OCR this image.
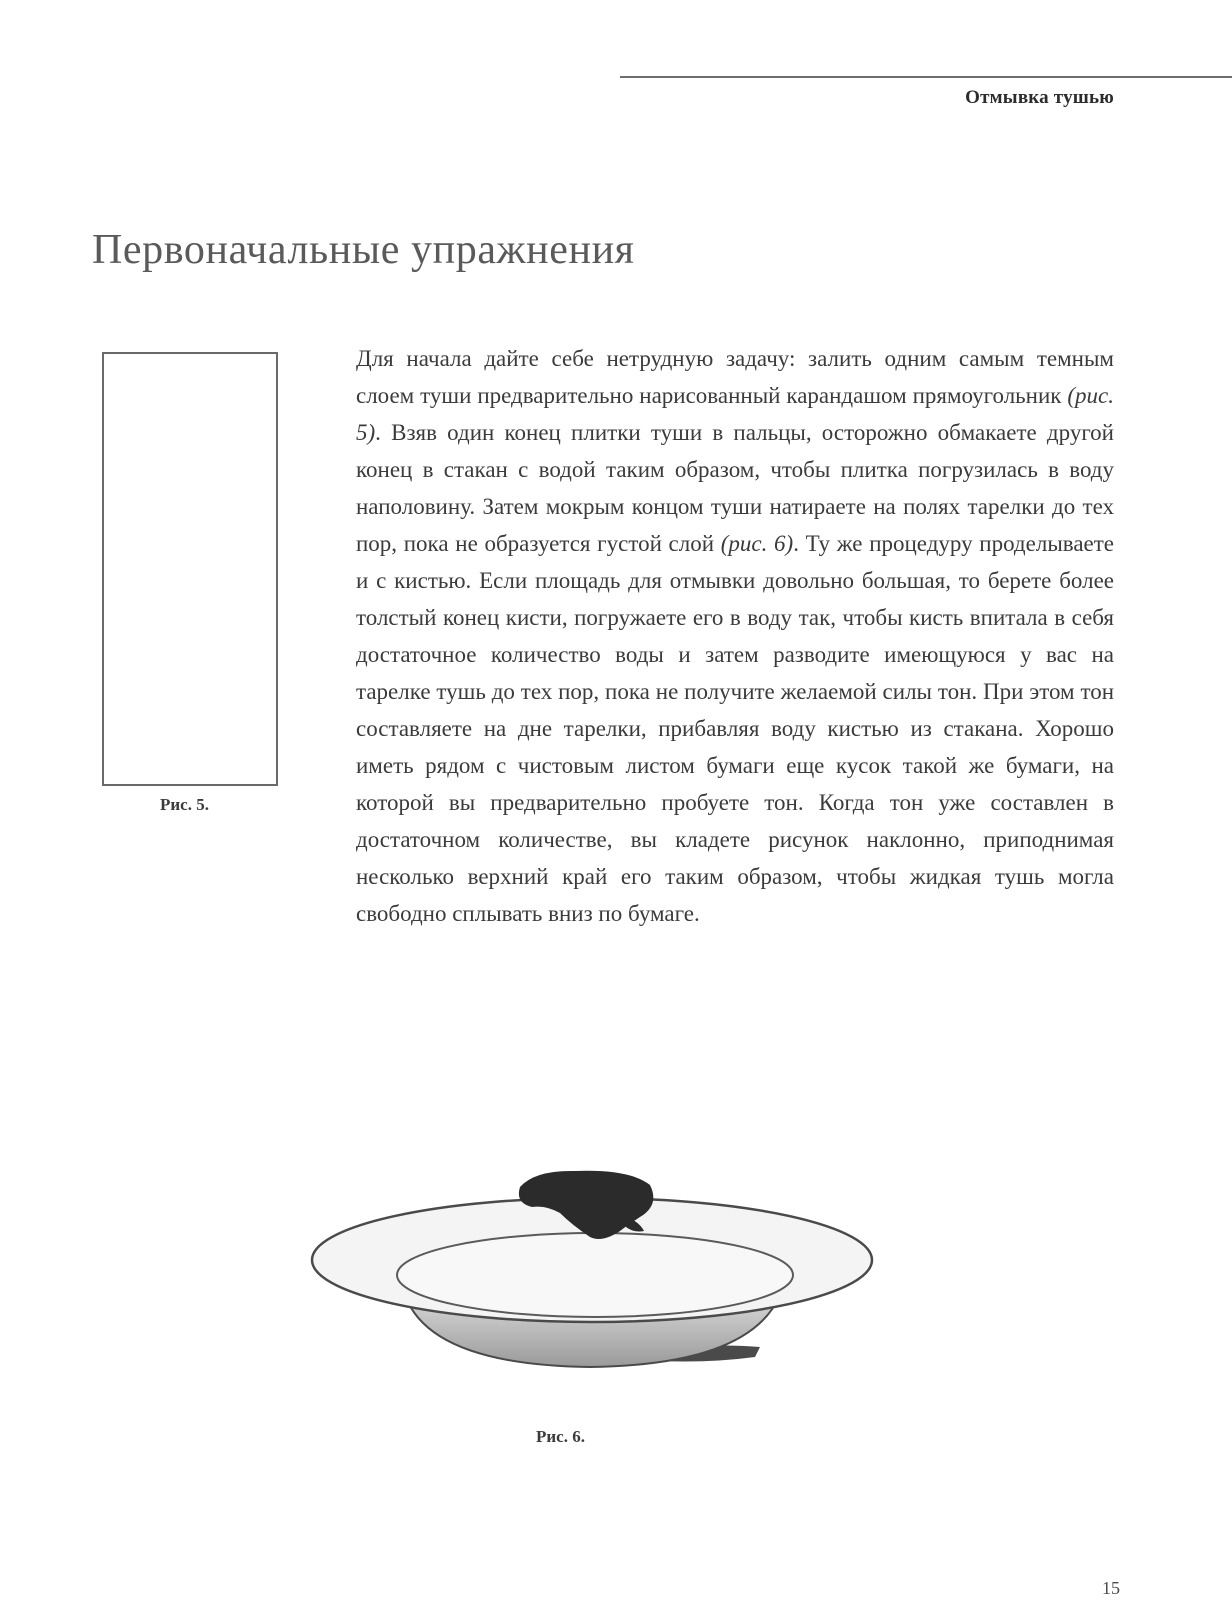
Отмывка тушью
Первоначальные упражнения
Рис. 5.

Для начала дайте себе нетрудную задачу: залить одним самым темным слоем туши предварительно нарисованный карандашом прямоугольник (рис. 5). Взяв один конец плитки туши в пальцы, осторожно обмакаете другой конец в стакан с водой таким образом, чтобы плитка погрузилась в воду наполовину. Затем мокрым концом туши натираете на полях тарелки до тех пор, пока не образуется густой слой (рис. 6). Ту же процедуру проделываете и с кистью. Если площадь для отмывки довольно большая, то берете более толстый конец кисти, погружаете его в воду так, чтобы кисть впитала в себя достаточное количество воды и затем разводите имеющуюся у вас на тарелке тушь до тех пор, пока не получите желаемой силы тон. При этом тон составляете на дне тарелки, прибавляя воду кистью из стакана. Хорошо иметь рядом с чистовым листом бумаги еще кусок такой же бумаги, на которой вы предварительно пробуете тон. Когда тон уже составлен в достаточном количестве, вы кладете рисунок наклонно, приподнимая несколько верхний край его таким образом, чтобы жидкая тушь могла свободно сплывать вниз по бумаге.

Рис. 6.
15
